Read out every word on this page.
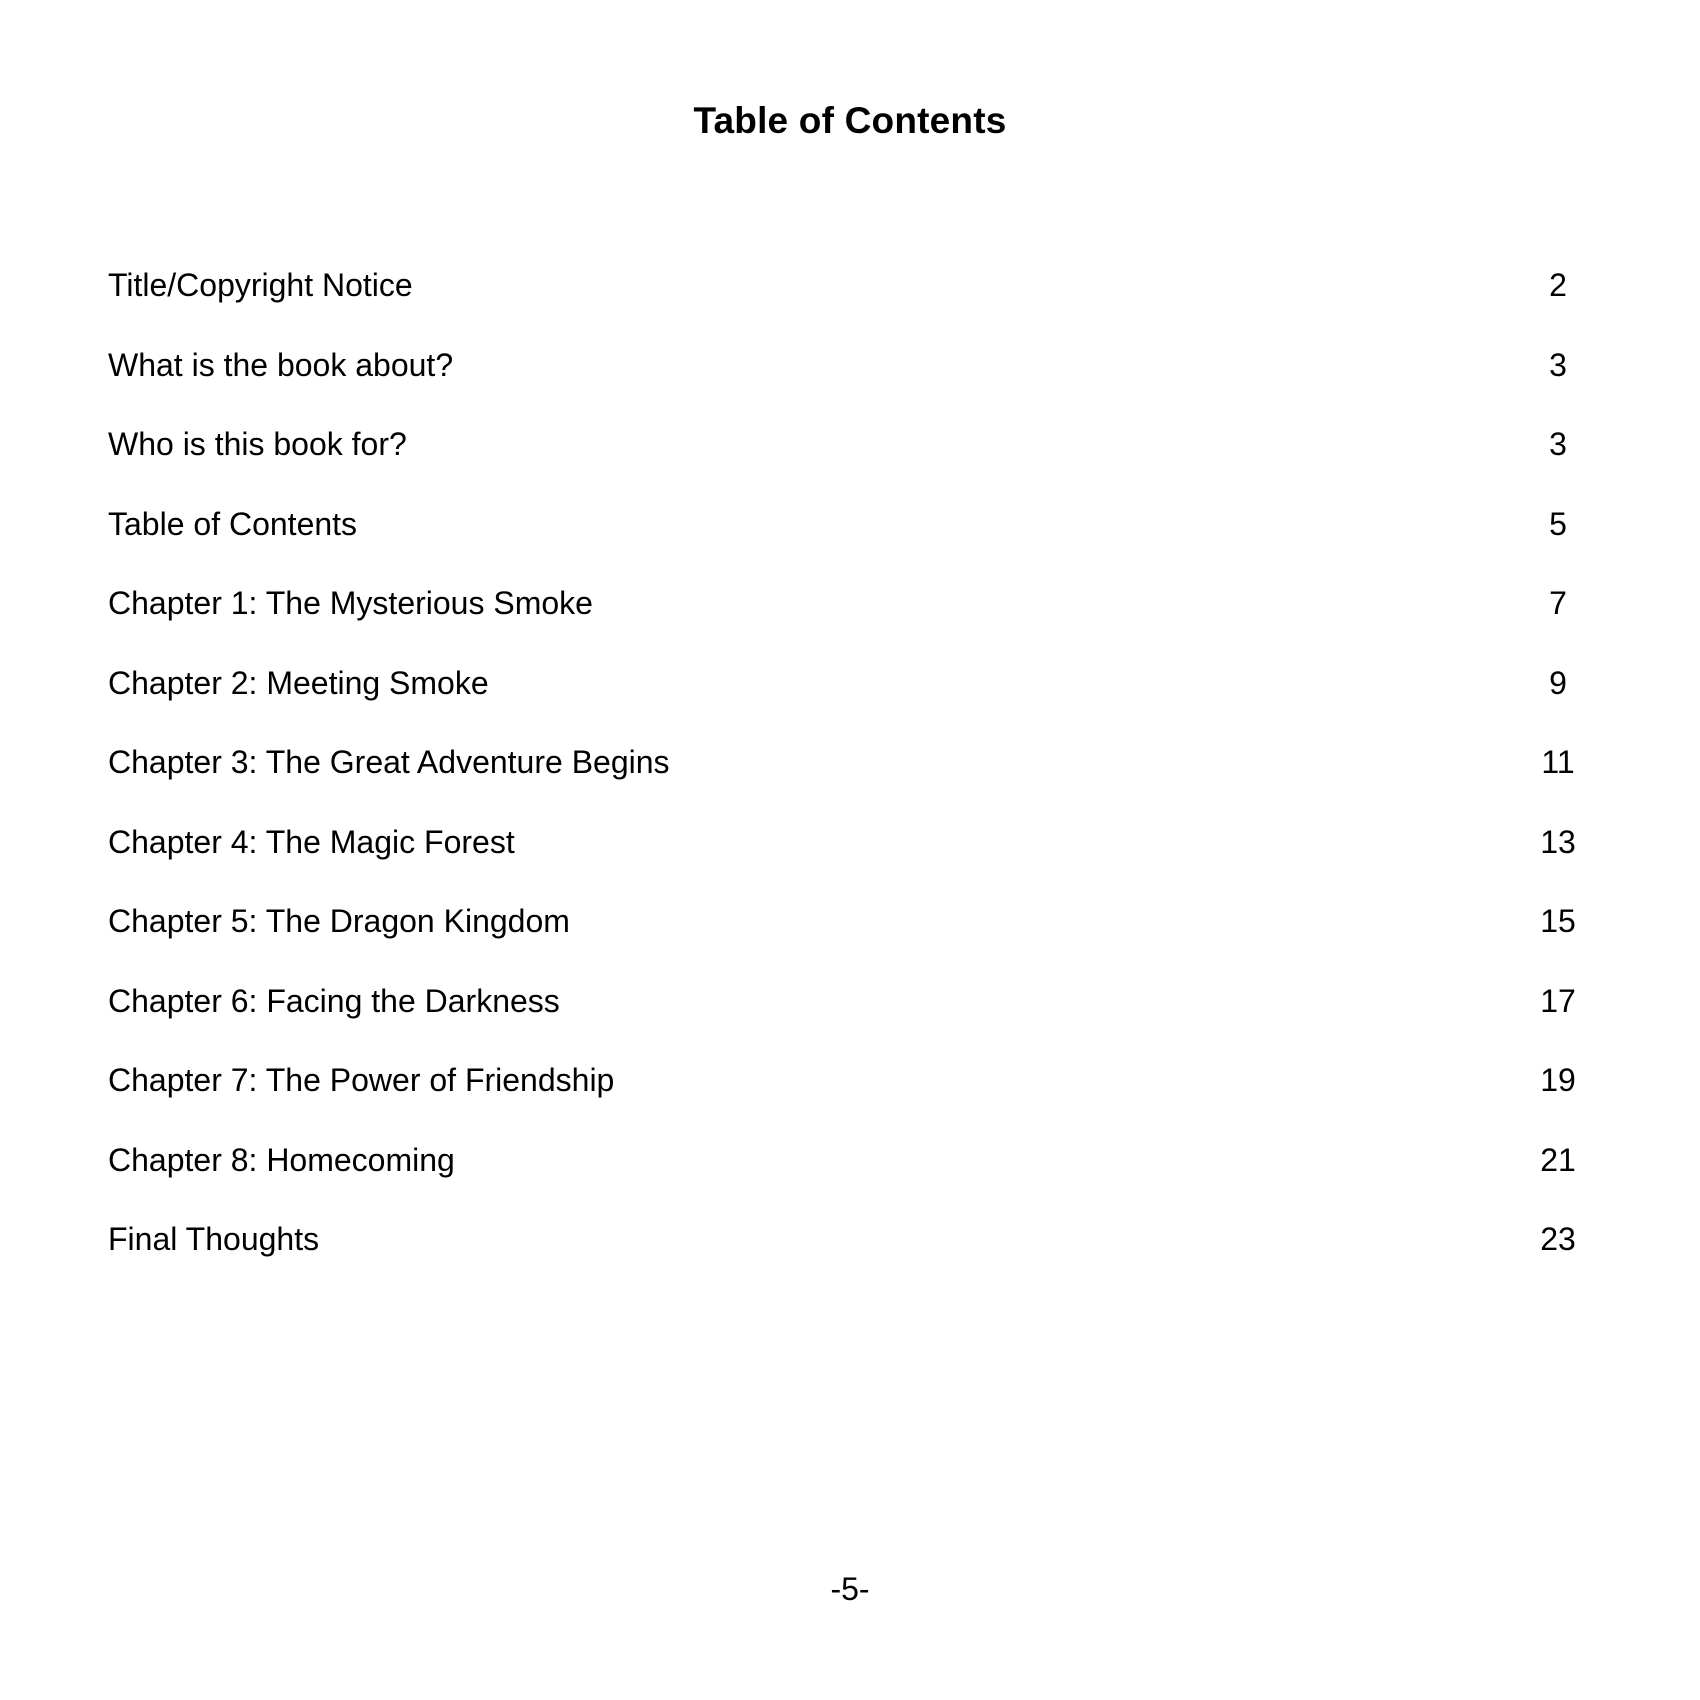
Table of Contents
Title/Copyright Notice	2
What is the book about?	3
Who is this book for?	3
Table of Contents	5
Chapter 1: The Mysterious Smoke	7
Chapter 2: Meeting Smoke	9
Chapter 3: The Great Adventure Begins	11
Chapter 4: The Magic Forest	13
Chapter 5: The Dragon Kingdom	15
Chapter 6: Facing the Darkness	17
Chapter 7: The Power of Friendship	19
Chapter 8: Homecoming	21
Final Thoughts	23
-5-
